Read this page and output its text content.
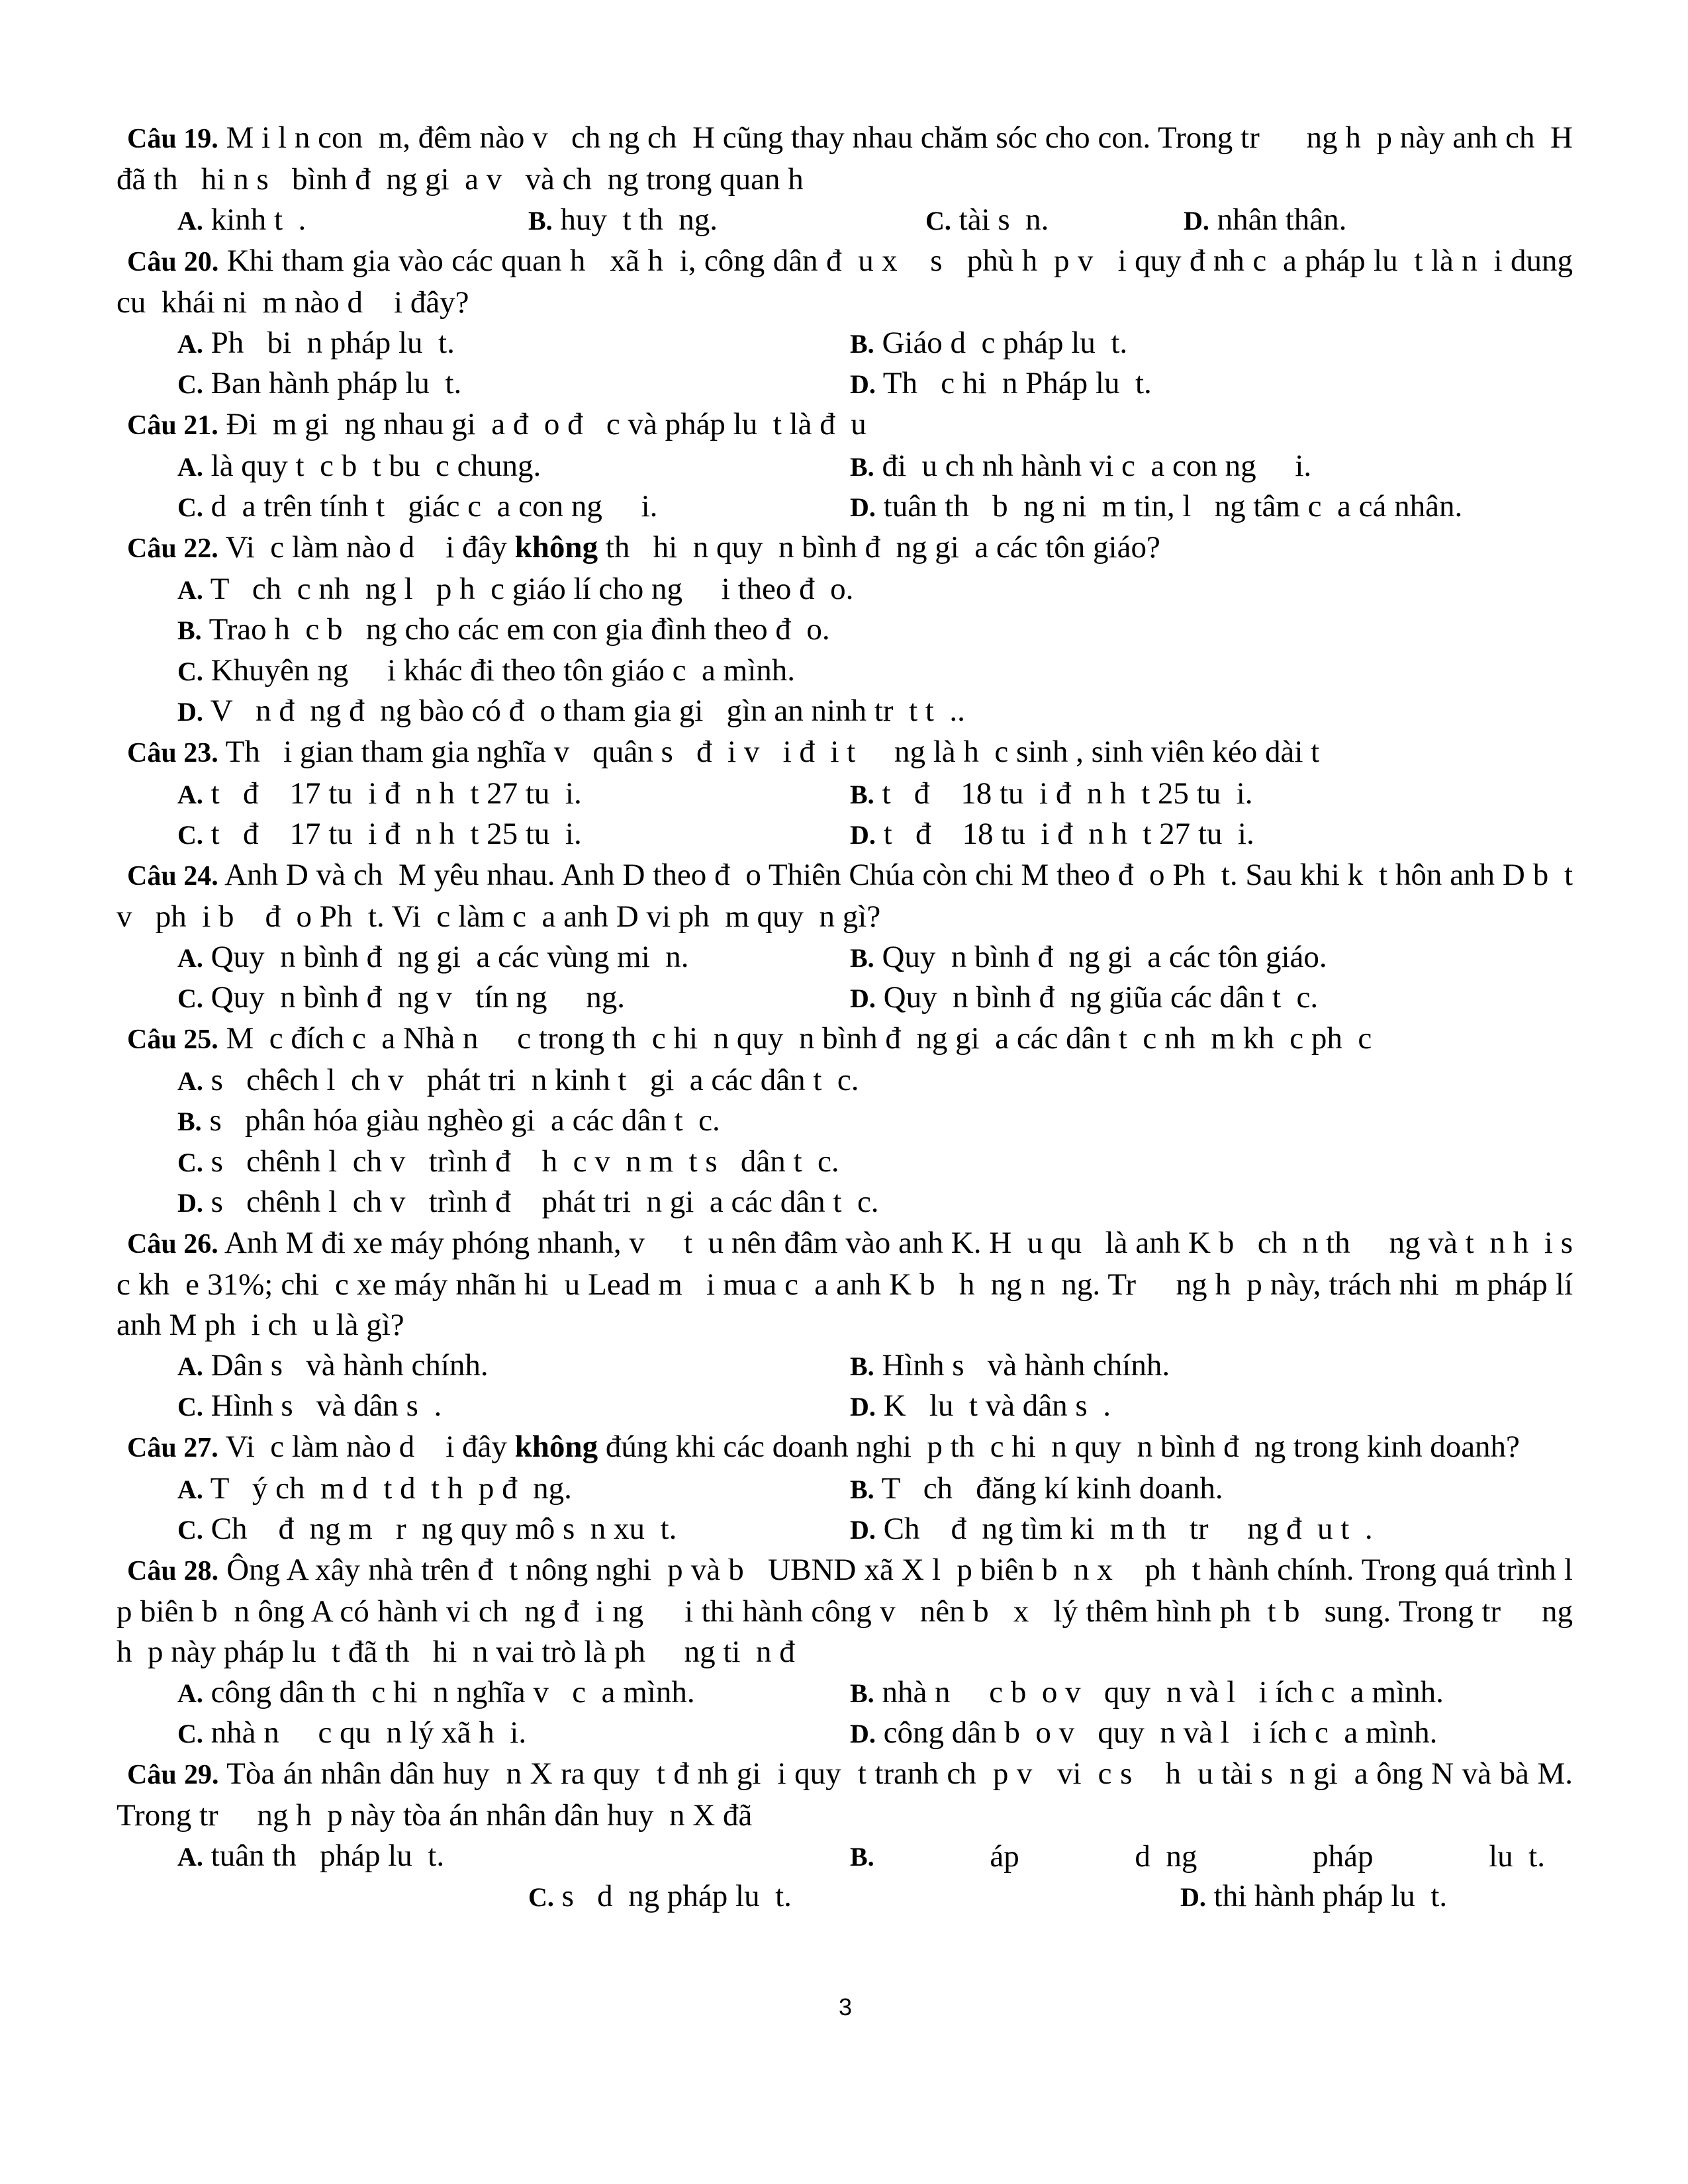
Câu 19. M i l n con  m, đêm nào v   ch ng ch  H cũng thay nhau chăm sóc cho con. Trong tr      ng h  p này anh ch  H đã th   hi n s   bình đ  ng gi  a v   và ch  ng trong quan h
A. kinh t  .	B. huy  t th  ng.	C. tài s  n.	D. nhân thân.
Câu 20. Khi tham gia vào các quan h   xã h  i, công dân đ  u x    s   phù h  p v   i quy đ nh c  a pháp lu  t là n  i dung cu  khái ni  m nào d    i đây?
A. Ph   bi  n pháp lu  t.	B. Giáo d  c pháp lu  t.
C. Ban hành pháp lu  t.	D. Th   c hi  n Pháp lu  t.
Câu 21. Đi  m gi  ng nhau gi  a đ  o đ   c và pháp lu  t là đ  u
A. là quy t  c b  t bu  c chung.	B. đi  u ch nh hành vi c  a con ng     i.
C. d  a trên tính t   giác c  a con ng     i.	D. tuân th   b  ng ni  m tin, l   ng tâm c  a cá nhân.
Câu 22. Vi  c làm nào d    i đây không th   hi  n quy  n bình đ  ng gi  a các tôn giáo?
A. T   ch  c nh  ng l   p h  c giáo lí cho ng     i theo đ  o.
B. Trao h  c b   ng cho các em con gia đình theo đ  o.
C. Khuyên ng     i khác đi theo tôn giáo c  a mình.
D. V   n đ  ng đ  ng bào có đ  o tham gia gi   gìn an ninh tr  t t  ..
Câu 23. Th   i gian tham gia nghĩa v   quân s   đ  i v   i đ  i t     ng là h  c sinh , sinh viên kéo dài t
A. t   đ    17 tu  i đ  n h  t 27 tu  i.	B. t   đ    18 tu  i đ  n h  t 25 tu  i.
C. t   đ    17 tu  i đ  n h  t 25 tu  i.	D. t   đ    18 tu  i đ  n h  t 27 tu  i.
Câu 24. Anh D và ch  M yêu nhau. Anh D theo đ  o Thiên Chúa còn chi M theo đ  o Ph  t. Sau khi k  t hôn anh D b  t v   ph  i b    đ  o Ph  t. Vi  c làm c  a anh D vi ph  m quy  n gì?
A. Quy  n bình đ  ng gi  a các vùng mi  n.	B. Quy  n bình đ  ng gi  a các tôn giáo.
C. Quy  n bình đ  ng v   tín ng     ng.	D. Quy  n bình đ  ng giũa các dân t  c.
Câu 25. M  c đích c  a Nhà n     c trong th  c hi  n quy  n bình đ  ng gi  a các dân t  c nh  m kh  c ph  c
A. s   chêch l  ch v   phát tri  n kinh t   gi  a các dân t  c.
B. s   phân hóa giàu nghèo gi  a các dân t  c.
C. s   chênh l  ch v   trình đ    h  c v  n m  t s   dân t  c.
D. s   chênh l  ch v   trình đ    phát tri  n gi  a các dân t  c.
Câu 26. Anh M đi xe máy phóng nhanh, v     t  u nên đâm vào anh K. H  u qu   là anh K b   ch  n th     ng và t  n h  i s  c kh  e 31%; chi  c xe máy nhãn hi  u Lead m   i mua c  a anh K b   h  ng n  ng. Tr     ng h  p này, trách nhi  m pháp lí anh M ph  i ch  u là gì?
A. Dân s   và hành chính.	B. Hình s   và hành chính.
C. Hình s   và dân s  .	D. K   lu  t và dân s  .
Câu 27. Vi  c làm nào d    i đây không đúng khi các doanh nghi  p th  c hi  n quy  n bình đ  ng trong kinh doanh?
A. T   ý ch  m d  t d  t h  p đ  ng.	B. T   ch   đăng kí kinh doanh.
C. Ch    đ  ng m   r  ng quy mô s  n xu  t.	D. Ch    đ  ng tìm ki  m th   tr     ng đ  u t  .
Câu 28. Ông A xây nhà trên đ  t nông nghi  p và b   UBND xã X l  p biên b  n x    ph  t hành chính. Trong quá trình l  p biên b  n ông A có hành vi ch  ng đ  i ng     i thi hành công v   nên b   x   lý thêm hình ph  t b   sung. Trong tr     ng h  p này pháp lu  t đã th   hi  n vai trò là ph     ng ti  n đ
A. công dân th  c hi  n nghĩa v   c  a mình.	B. nhà n     c b  o v   quy  n và l   i ích c  a mình.
C. nhà n     c qu  n lý xã h  i.	D. công dân b  o v   quy  n và l   i ích c  a mình.
Câu 29. Tòa án nhân dân huy  n X ra quy  t đ nh gi  i quy  t tranh ch  p v   vi  c s    h  u tài s  n gi  a ông N và bà M. Trong tr     ng h  p này tòa án nhân dân huy  n X đã
A. tuân th   pháp lu  t.	B.	áp	d  ng	pháp	lu  t.
C. s   d  ng pháp lu  t.	D. thi hành pháp lu  t.
3
